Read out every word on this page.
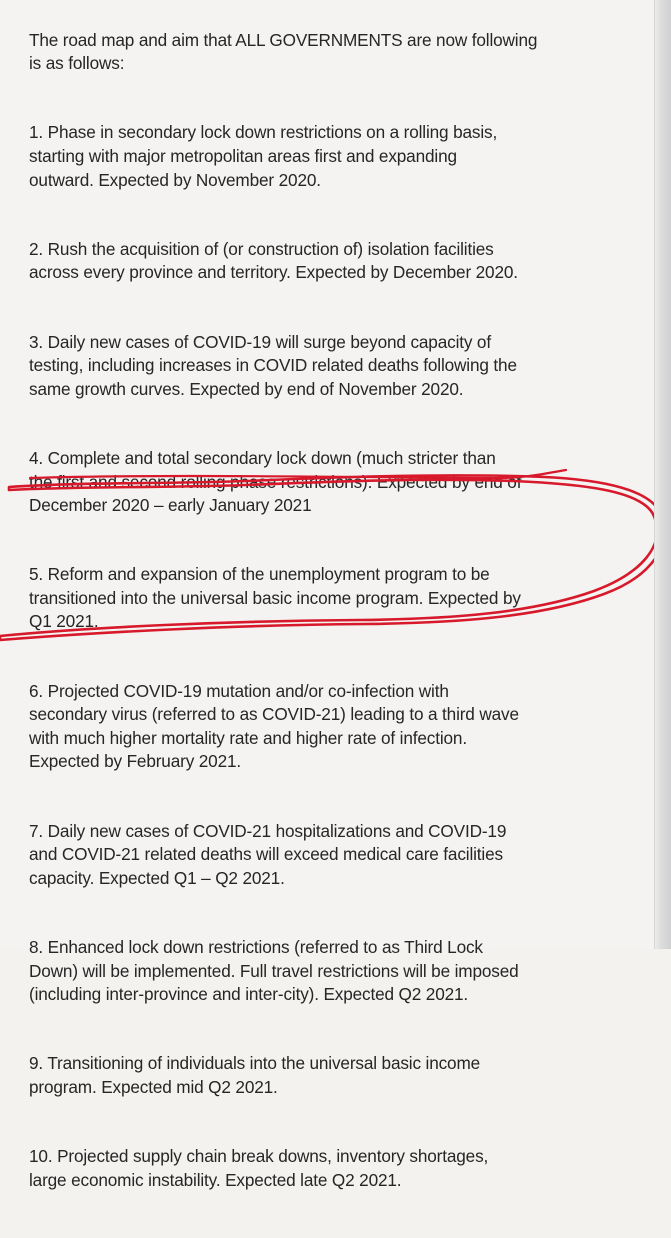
The road map and aim that ALL GOVERNMENTS are now following
is as follows:

1. Phase in secondary lock down restrictions on a rolling basis,
starting with major metropolitan areas first and expanding
outward. Expected by November 2020.

2. Rush the acquisition of (or construction of) isolation facilities
across every province and territory. Expected by December 2020.

3. Daily new cases of COVID-19 will surge beyond capacity of
testing, including increases in COVID related deaths following the
same growth curves. Expected by end of November 2020.

4. Complete and total secondary lock down (much stricter than
the first and second rolling phase restrictions). Expected by end of
December 2020 – early January 2021

5. Reform and expansion of the unemployment program to be
transitioned into the universal basic income program. Expected by
Q1 2021.

6. Projected COVID-19 mutation and/or co-infection with
secondary virus (referred to as COVID-21) leading to a third wave
with much higher mortality rate and higher rate of infection.
Expected by February 2021.

7. Daily new cases of COVID-21 hospitalizations and COVID-19
and COVID-21 related deaths will exceed medical care facilities
capacity. Expected Q1 – Q2 2021.

8. Enhanced lock down restrictions (referred to as Third Lock
Down) will be implemented. Full travel restrictions will be imposed
(including inter-province and inter-city). Expected Q2 2021.

9. Transitioning of individuals into the universal basic income
program. Expected mid Q2 2021.

10. Projected supply chain break downs, inventory shortages,
large economic instability. Expected late Q2 2021.
